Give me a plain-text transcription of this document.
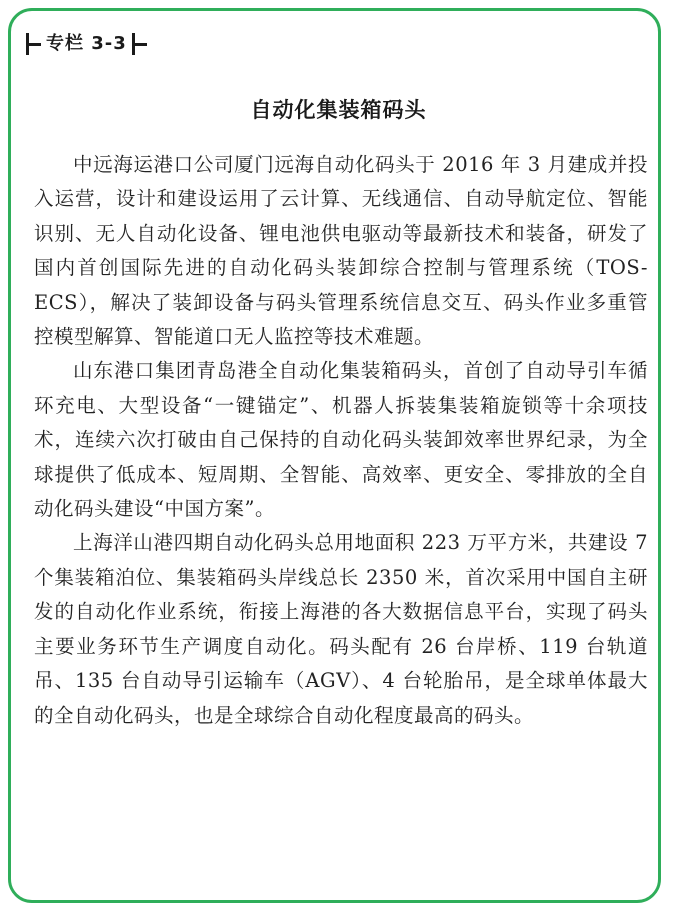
专栏 3-3
自动化集装箱码头

中远海运港口公司厦门远海自动化码头于 2016 年 3 月建成并投入运营，设计和建设运用了云计算、无线通信、自动导航定位、智能识别、无人自动化设备、锂电池供电驱动等最新技术和装备，研发了国内首创国际先进的自动化码头装卸综合控制与管理系统（TOS-ECS），解决了装卸设备与码头管理系统信息交互、码头作业多重管控模型解算、智能道口无人监控等技术难题。

山东港口集团青岛港全自动化集装箱码头，首创了自动导引车循环充电、大型设备“一键锚定”、机器人拆装集装箱旋锁等十余项技术，连续六次打破由自己保持的自动化码头装卸效率世界纪录，为全球提供了低成本、短周期、全智能、高效率、更安全、零排放的全自动化码头建设“中国方案”。

上海洋山港四期自动化码头总用地面积 223 万平方米，共建设 7 个集装箱泊位、集装箱码头岸线总长 2350 米，首次采用中国自主研发的自动化作业系统，衔接上海港的各大数据信息平台，实现了码头主要业务环节生产调度自动化。码头配有 26 台岸桥、119 台轨道吊、135 台自动导引运输车（AGV）、4 台轮胎吊，是全球单体最大的全自动化码头，也是全球综合自动化程度最高的码头。
